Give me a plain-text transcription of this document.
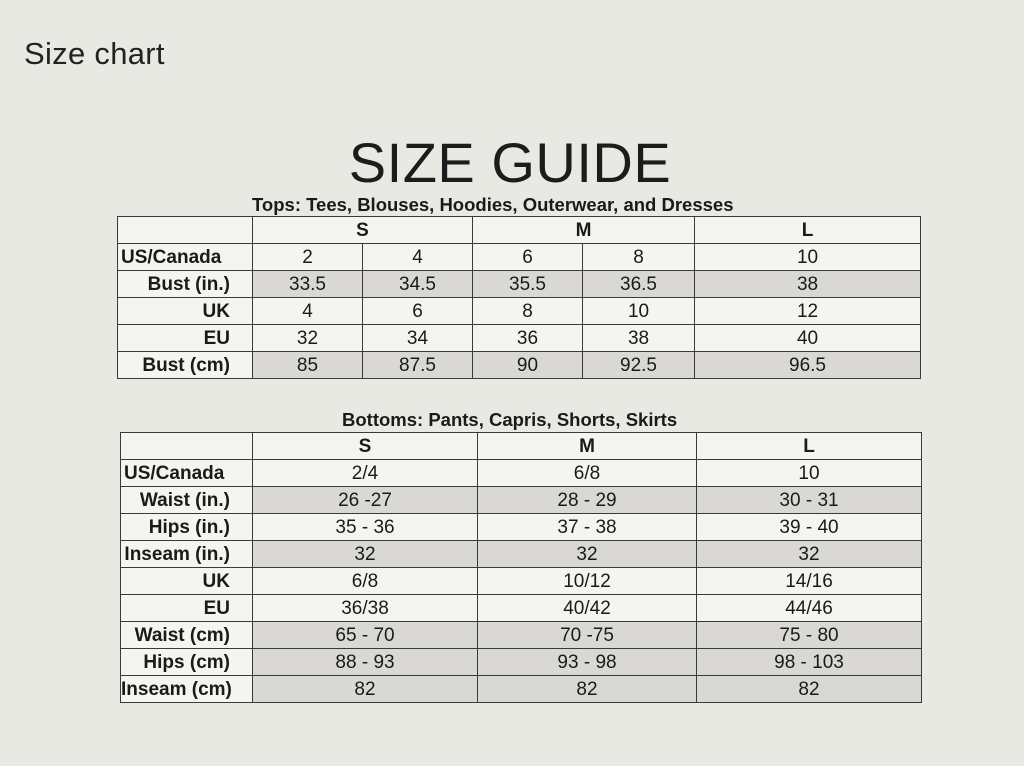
Size chart
SIZE GUIDE
Tops: Tees, Blouses, Hoodies, Outerwear, and Dresses
	S		M		L
US/Canada	2	4	6	8	10
Bust (in.)	33.5	34.5	35.5	36.5	38
UK	4	6	8	10	12
EU	32	34	36	38	40
Bust (cm)	85	87.5	90	92.5	96.5
Bottoms: Pants, Capris, Shorts, Skirts
	S	M	L
US/Canada	2/4	6/8	10
Waist (in.)	26 -27	28 - 29	30 - 31
Hips (in.)	35 - 36	37 - 38	39 - 40
Inseam (in.)	32	32	32
UK	6/8	10/12	14/16
EU	36/38	40/42	44/46
Waist (cm)	65 - 70	70 -75	75 - 80
Hips (cm)	88 - 93	93 - 98	98 - 103
Inseam (cm)	82	82	82
